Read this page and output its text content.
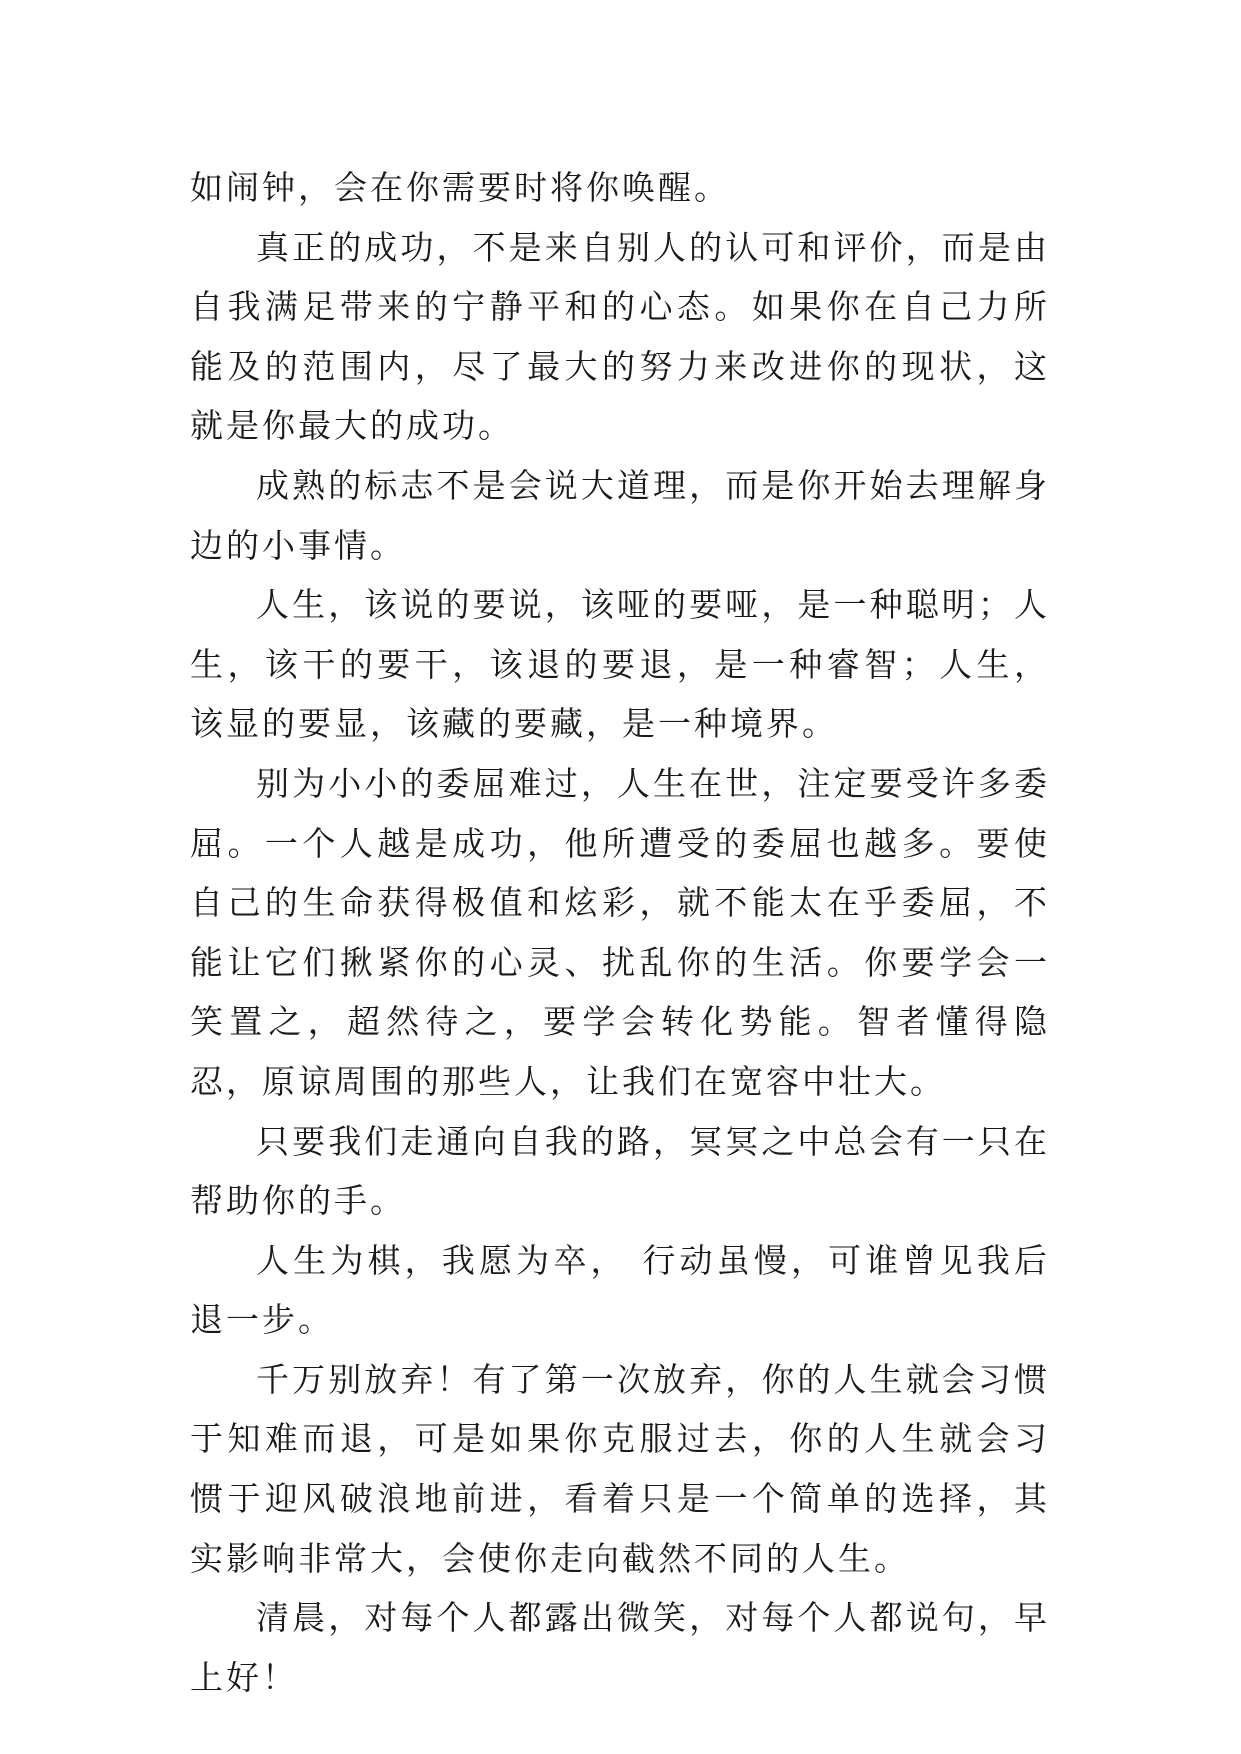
如闹钟，会在你需要时将你唤醒。

真正的成功，不是来自别人的认可和评价，而是由自我满足带来的宁静平和的心态。如果你在自己力所能及的范围内，尽了最大的努力来改进你的现状，这就是你最大的成功。

成熟的标志不是会说大道理，而是你开始去理解身边的小事情。

人生，该说的要说，该哑的要哑，是一种聪明；人生，该干的要干，该退的要退，是一种睿智；人生，该显的要显，该藏的要藏，是一种境界。

别为小小的委屈难过，人生在世，注定要受许多委屈。一个人越是成功，他所遭受的委屈也越多。要使自己的生命获得极值和炫彩，就不能太在乎委屈，不能让它们揪紧你的心灵、扰乱你的生活。你要学会一笑置之，超然待之，要学会转化势能。智者懂得隐忍，原谅周围的那些人，让我们在宽容中壮大。

只要我们走通向自我的路，冥冥之中总会有一只在帮助你的手。

人生为棋，我愿为卒， 行动虽慢，可谁曾见我后退一步。

千万别放弃！有了第一次放弃，你的人生就会习惯于知难而退，可是如果你克服过去，你的人生就会习惯于迎风破浪地前进，看着只是一个简单的选择，其实影响非常大，会使你走向截然不同的人生。

清晨，对每个人都露出微笑，对每个人都说句，早上好！
